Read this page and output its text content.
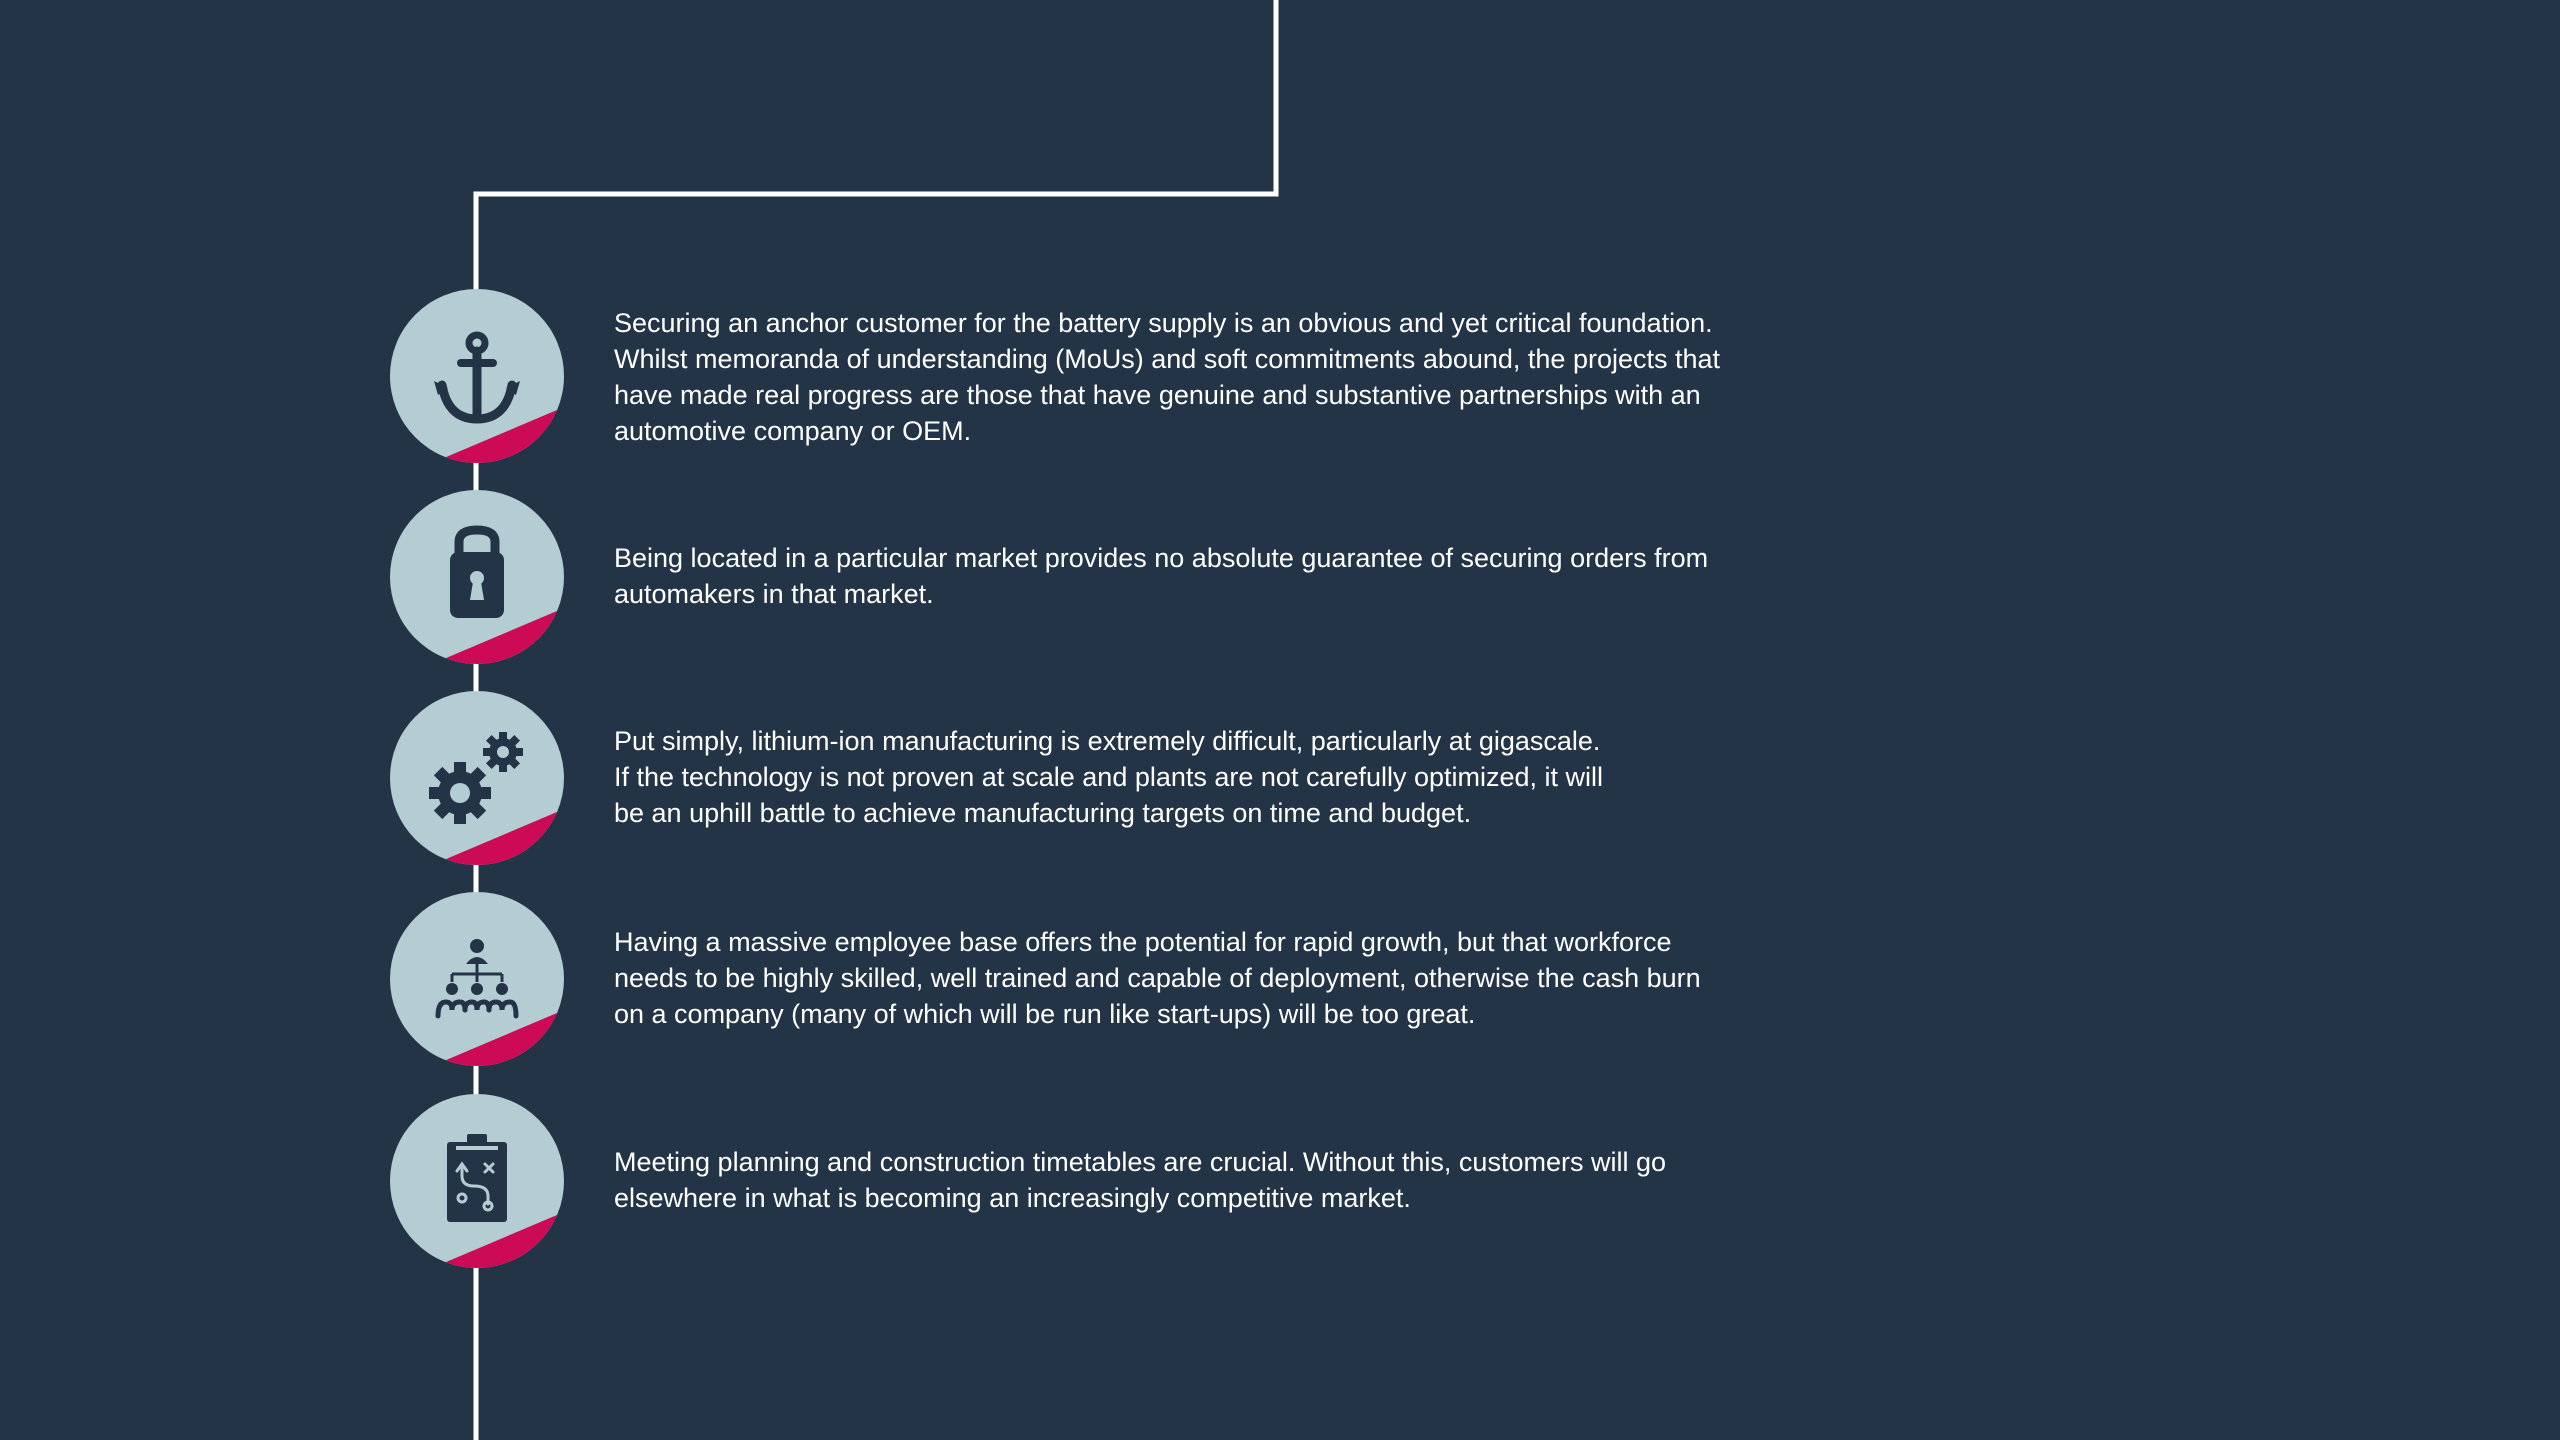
Securing an anchor customer for the battery supply is an obvious and yet critical foundation.
Whilst memoranda of understanding (MoUs) and soft commitments abound, the projects that
have made real progress are those that have genuine and substantive partnerships with an
automotive company or OEM.

Being located in a particular market provides no absolute guarantee of securing orders from
automakers in that market.

Put simply, lithium-ion manufacturing is extremely difficult, particularly at gigascale.
If the technology is not proven at scale and plants are not carefully optimized, it will
be an uphill battle to achieve manufacturing targets on time and budget.

Having a massive employee base offers the potential for rapid growth, but that workforce
needs to be highly skilled, well trained and capable of deployment, otherwise the cash burn
on a company (many of which will be run like start-ups) will be too great.

Meeting planning and construction timetables are crucial. Without this, customers will go
elsewhere in what is becoming an increasingly competitive market.
